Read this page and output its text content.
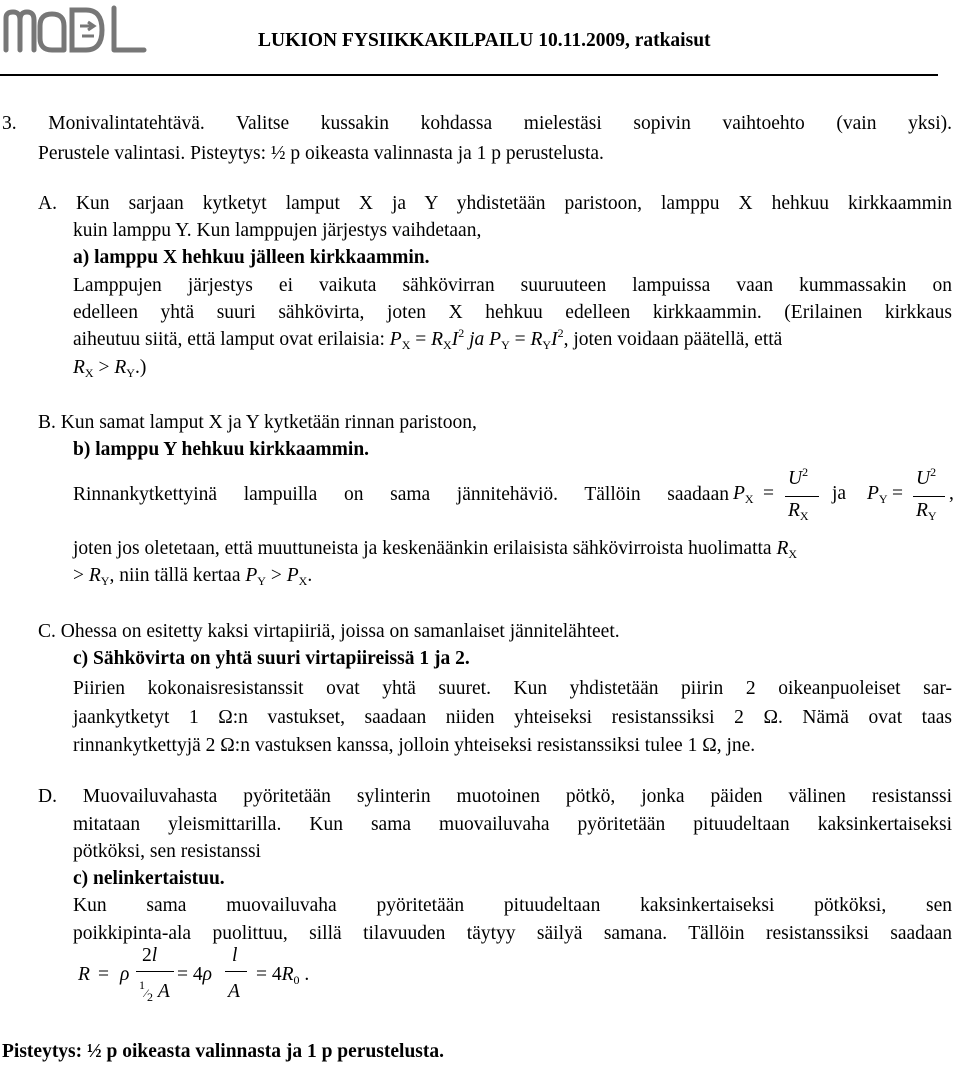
LUKION FYSIIKKAKILPAILU 10.11.2009, ratkaisut
3. Monivalintatehtävä. Valitse kussakin kohdassa mielestäsi sopivin vaihtoehto (vain yksi).
Perustele valintasi. Pisteytys: ½ p oikeasta valinnasta ja 1 p perustelusta.
A. Kun sarjaan kytketyt lamput X ja Y yhdistetään paristoon, lamppu X hehkuu kirkkaammin
kuin lamppu Y. Kun lamppujen järjestys vaihdetaan,
a) lamppu X hehkuu jälleen kirkkaammin.
Lamppujen järjestys ei vaikuta sähkövirran suuruuteen lampuissa vaan kummassakin on
edelleen yhtä suuri sähkövirta, joten X hehkuu edelleen kirkkaammin. (Erilainen kirkkaus
aiheutuu siitä, että lamput ovat erilaisia: $P_X = R_XI^2$ ja $P_Y = R_YI^2$, joten voidaan päätellä, että
$R_X > R_Y$.)
B. Kun samat lamput X ja Y kytketään rinnan paristoon,
b) lamppu Y hehkuu kirkkaammin.
Rinnankytkettyinä lampuilla on sama jännitehäviö. Tällöin saadaan $P_X$ =
$U^2$
$R_X$
ja $P_Y$ =
$U^2$
$R_Y$
,
joten jos oletetaan, että muuttuneista ja keskenäänkin erilaisista sähkövirroista huolimatta $R_X$
> $R_Y$, niin tällä kertaa $P_Y > P_X$.
C. Ohessa on esitetty kaksi virtapiiriä, joissa on samanlaiset jännitelähteet.
c) Sähkövirta on yhtä suuri virtapiireissä 1 ja 2.
Piirien kokonaisresistanssit ovat yhtä suuret. Kun yhdistetään piirin 2 oikeanpuoleiset sar-
jaankytketyt 1 Ω:n vastukset, saadaan niiden yhteiseksi resistanssiksi 2 Ω. Nämä ovat taas
rinnankytkettyjä 2 Ω:n vastuksen kanssa, jolloin yhteiseksi resistanssiksi tulee 1 Ω, jne.
D. Muovailuvahasta pyöritetään sylinterin muotoinen pötkö, jonka päiden välinen resistanssi
mitataan yleismittarilla. Kun sama muovailuvaha pyöritetään pituudeltaan kaksinkertaiseksi
pötköksi, sen resistanssi
c) nelinkertaistuu.
Kun sama muovailuvaha pyöritetään pituudeltaan kaksinkertaiseksi pötköksi, sen
poikkipinta-ala puolittuu, sillä tilavuuden täytyy säilyä samana. Tällöin resistanssiksi saadaan
R = ρ
2l
$^1⁄_2$ A
= 4ρ
l
A
= $4R_0$ .
Pisteytys: ½ p oikeasta valinnasta ja 1 p perustelusta.
